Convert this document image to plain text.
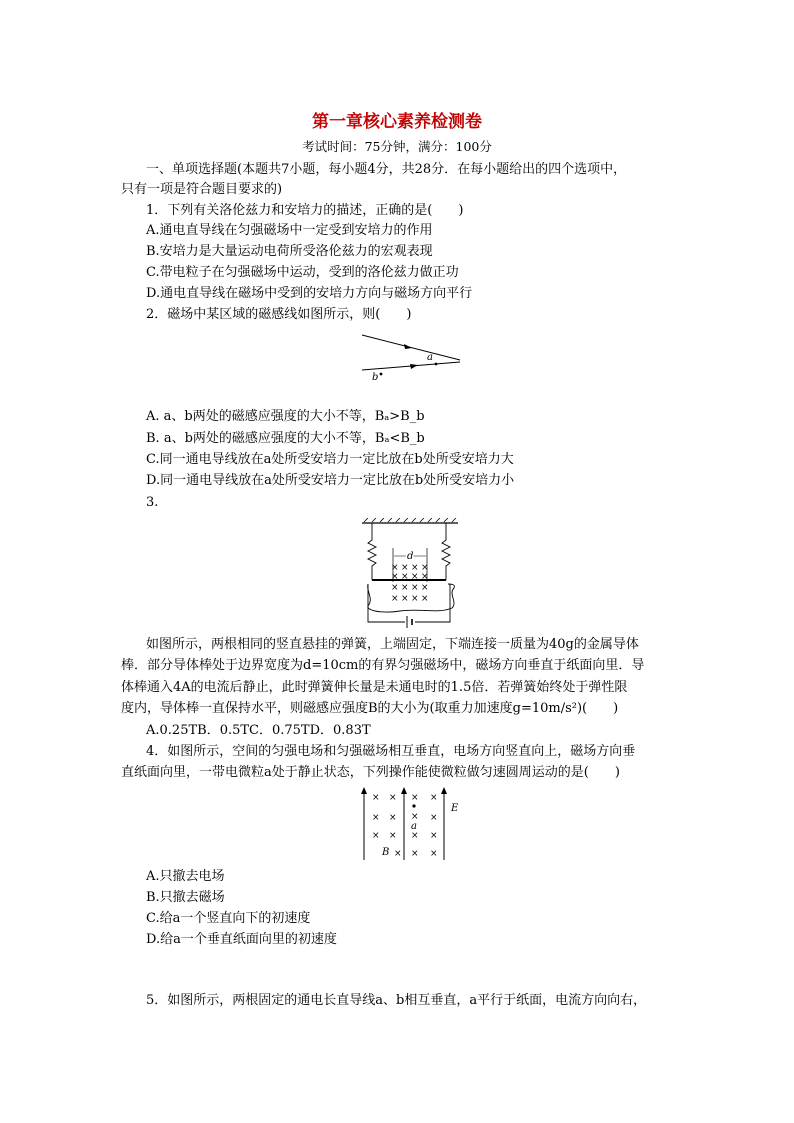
第一章核心素养检测卷
考试时间：75分钟，满分：100分
一、单项选择题(本题共7小题，每小题4分，共28分．在每小题给出的四个选项中，
只有一项是符合题目要求的)
1．下列有关洛伦兹力和安培力的描述，正确的是(　　)
A.通电直导线在匀强磁场中一定受到安培力的作用
B.安培力是大量运动电荷所受洛伦兹力的宏观表现
C.带电粒子在匀强磁场中运动，受到的洛伦兹力做正功
D.通电直导线在磁场中受到的安培力方向与磁场方向平行
2．磁场中某区域的磁感线如图所示，则(　　)
a
b
A. a、b两处的磁感应强度的大小不等，Bₐ>B_b
B. a、b两处的磁感应强度的大小不等，Bₐ<B_b
C.同一通电导线放在a处所受安培力一定比放在b处所受安培力大
D.同一通电导线放在a处所受安培力一定比放在b处所受安培力小
3.
d
× × × ×
× × × ×
× × × ×
× × × ×
如图所示，两根相同的竖直悬挂的弹簧，上端固定，下端连接一质量为40g的金属导体
棒．部分导体棒处于边界宽度为d=10cm的有界匀强磁场中，磁场方向垂直于纸面向里．导
体棒通入4A的电流后静止，此时弹簧伸长量是未通电时的1.5倍．若弹簧始终处于弹性限
度内，导体棒一直保持水平，则磁感应强度B的大小为(取重力加速度g=10m/s²)(　　)
A.0.25TB．0.5TC．0.75TD．0.83T
4．如图所示，空间的匀强电场和匀强磁场相互垂直，电场方向竖直向上，磁场方向垂
直纸面向里，一带电微粒a处于静止状态，下列操作能使微粒做匀速圆周运动的是(　　)
× × × ×
× × × ×
× × × ×
× × ×
a
B
E
A.只撤去电场
B.只撤去磁场
C.给a一个竖直向下的初速度
D.给a一个垂直纸面向里的初速度
5．如图所示，两根固定的通电长直导线a、b相互垂直，a平行于纸面，电流方向向右，
